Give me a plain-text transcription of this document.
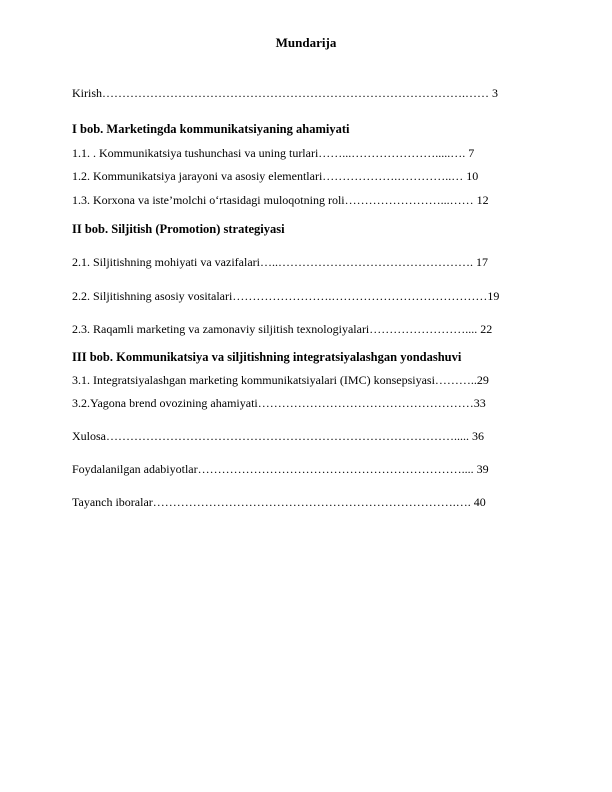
Mundarija
Kirish……………………………………………………………………………….…… 3
I bob. Marketingda kommunikatsiyaning ahamiyati
1.1. . Kommunikatsiya tushunchasi va uning turlari……...………………….....…. 7
1.2. Kommunikatsiya jarayoni va asosiy elementlari……………….…………..… 10
1.3. Korxona va iste’molchi o‘rtasidagi muloqotning roli……………………...…… 12
II bob. Siljitish (Promotion) strategiyasi
2.1. Siljitishning mohiyati va vazifalari…..…………………………………………. 17
2.2. Siljitishning asosiy vositalari…………………….…………………………………19
2.3. Raqamli marketing va zamonaviy siljitish texnologiyalari…………………….... 22
III bob. Kommunikatsiya va siljitishning integratsiyalashgan yondashuvi
3.1. Integratsiyalashgan marketing kommunikatsiyalari (IMC) konsepsiyasi………..29
3.2.Yagona brend ovozining ahamiyati………………………………………………33
Xulosa……………………………………………………………………………..... 36
Foydalanilgan adabiyotlar………………………………………………………….... 39
Tayanch iboralar………………………………………………………………….…. 40
